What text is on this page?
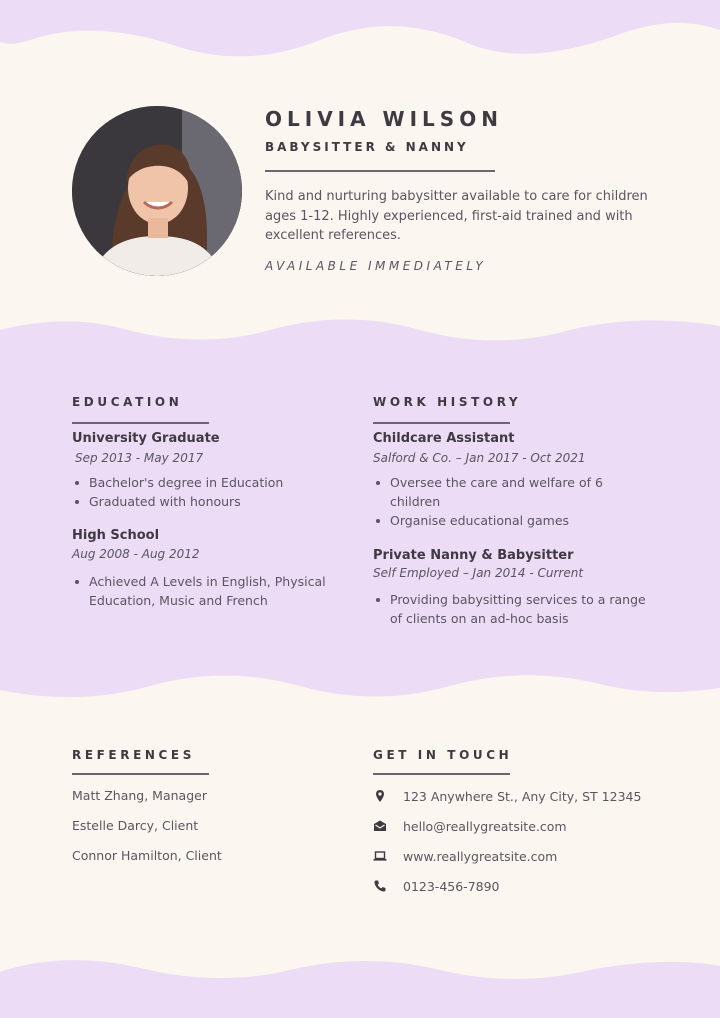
OLIVIA WILSON
BABYSITTER & NANNY
Kind and nurturing babysitter available to care for children ages 1-12. Highly experienced, first-aid trained and with excellent references.
AVAILABLE IMMEDIATELY
EDUCATION
University Graduate
Sep 2013 - May 2017
Bachelor's degree in Education
Graduated with honours
High School
Aug 2008 - Aug 2012
Achieved A Levels in English, Physical Education, Music and French
WORK HISTORY
Childcare Assistant
Salford & Co. – Jan 2017 - Oct 2021
Oversee the care and welfare of 6 children
Organise educational games
Private Nanny & Babysitter
Self Employed – Jan 2014 - Current
Providing babysitting services to a range of clients on an ad-hoc basis
REFERENCES
Matt Zhang, Manager
Estelle Darcy, Client
Connor Hamilton, Client
GET IN TOUCH
123 Anywhere St., Any City, ST 12345
hello@reallygreatsite.com
www.reallygreatsite.com
0123-456-7890
